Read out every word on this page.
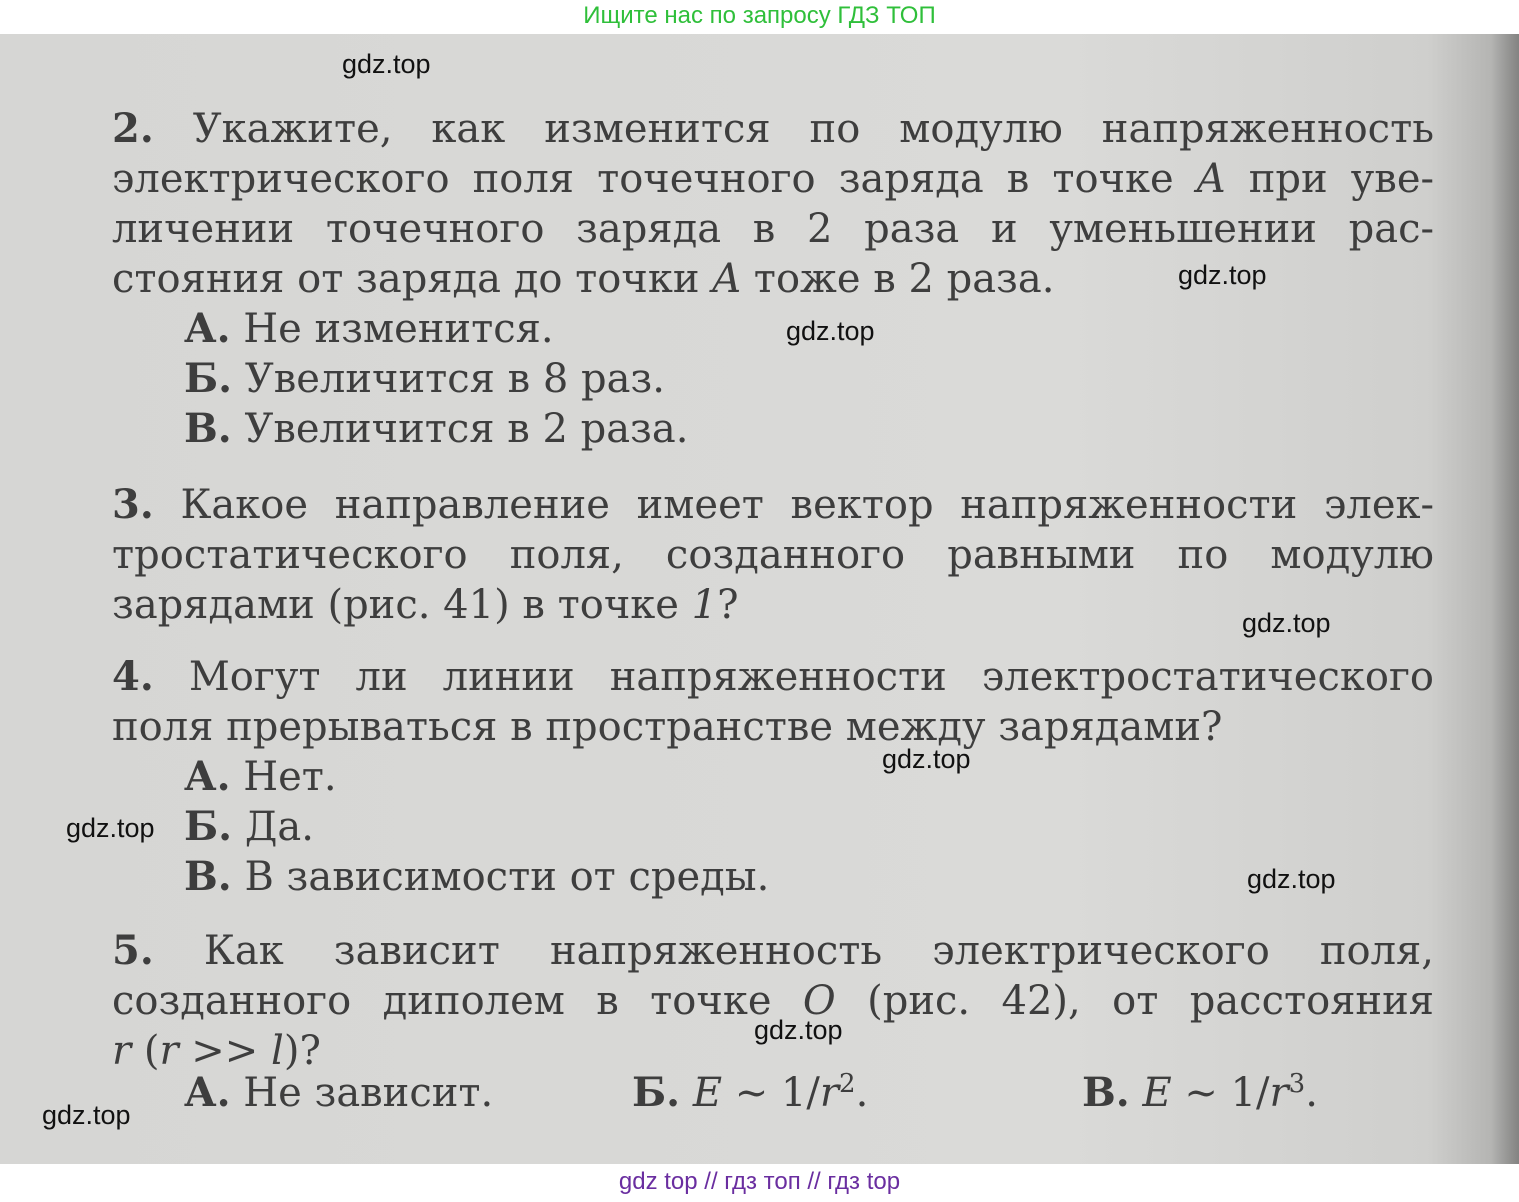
Ищите нас по запросу ГДЗ ТОП
2. Укажите, как изменится по модулю напряженность
электрического поля точечного заряда в точке A при уве-
личении точечного заряда в 2 раза и уменьшении рас-
стояния от заряда до точки A тоже в 2 раза.
А. Не изменится.
Б. Увеличится в 8 раз.
В. Увеличится в 2 раза.
3. Какое направление имеет вектор напряженности элек-
тростатического поля, созданного равными по модулю
зарядами (рис. 41) в точке 1?
4. Могут ли линии напряженности электростатического
поля прерываться в пространстве между зарядами?
А. Нет.
Б. Да.
В. В зависимости от среды.
5. Как зависит напряженность электрического поля,
созданного диполем в точке O (рис. 42), от расстояния
r (r >> l)?
А. Не зависит.	Б. E ~ $1/r^2$.	В. E ~ $1/r^3$.
gdz.top
gdz.top
gdz.top
gdz.top
gdz.top
gdz.top
gdz.top
gdz.top
gdz.top
gdz top // гдз топ // гдз top
